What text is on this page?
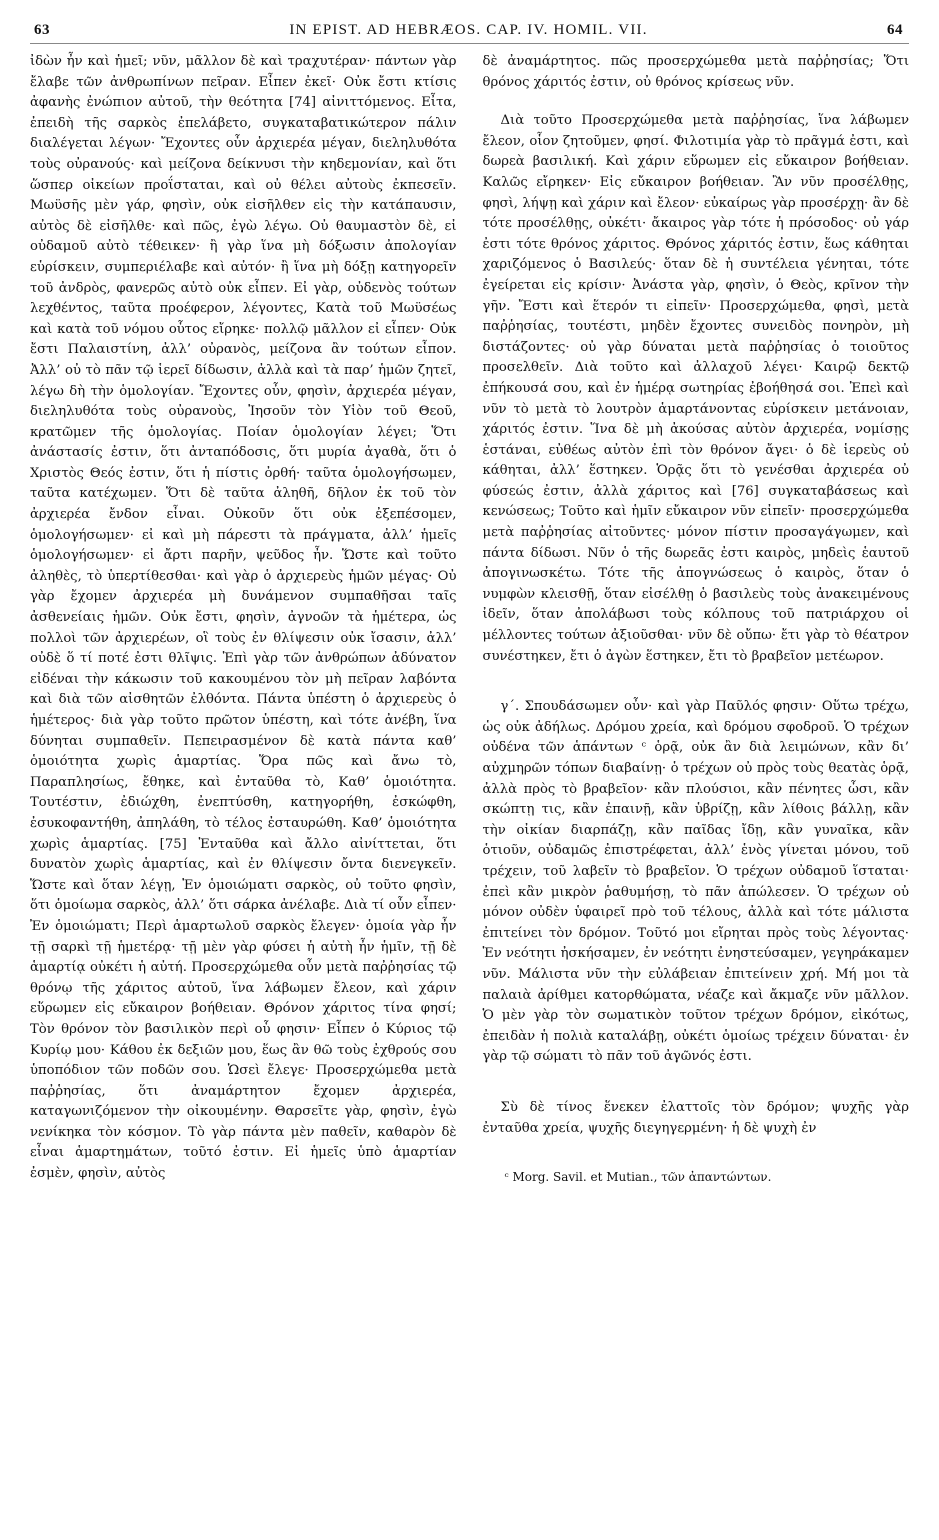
63	IN EPIST. AD HEBRÆOS. CAP. IV. HOMIL. VII.	64

ἰδὼν ἦν καὶ ἡμεῖ; νῦν, μᾶλλον δὲ καὶ τραχυτέραν· πάντων γὰρ ἔλαβε τῶν ἀνθρωπίνων πεῖραν. Εἶπεν ἐκεῖ· Οὐκ ἔστι κτίσις ἀφανὴς ἐνώπιον αὐτοῦ, τὴν θεότητα [74] αἰνιττόμενος. Εἶτα, ἐπειδὴ τῆς σαρκὸς ἐπελάβετο, συγκαταβατικώτερον πάλιν διαλέγεται λέγων· Ἔχοντες οὖν ἀρχιερέα μέγαν, διεληλυθότα τοὺς οὐρανούς· καὶ μείζονα δείκνυσι τὴν κηδεμονίαν, καὶ ὅτι ὥσπερ οἰκείων προΐσταται, καὶ οὐ θέλει αὐτοὺς ἐκπεσεῖν. Μωϋσῆς μὲν γάρ, φησὶν, οὐκ εἰσῆλθεν εἰς τὴν κατάπαυσιν, αὐτὸς δὲ εἰσῆλθε· καὶ πῶς, ἐγὼ λέγω. Οὐ θαυμαστὸν δὲ, εἰ οὐδαμοῦ αὐτὸ τέθεικεν· ἢ γὰρ ἵνα μὴ δόξωσιν ἀπολογίαν εὑρίσκειν, συμπεριέλαβε καὶ αὐτόν· ἢ ἵνα μὴ δόξῃ κατηγορεῖν τοῦ ἀνδρὸς, φανερῶς αὐτὸ οὐκ εἶπεν. Εἰ γὰρ, οὐδενὸς τούτων λεχθέντος, ταῦτα προέφερον, λέγοντες, Κατὰ τοῦ Μωϋσέως καὶ κατὰ τοῦ νόμου οὗτος εἴρηκε· πολλῷ μᾶλλον εἰ εἶπεν· Οὐκ ἔστι Παλαιστίνη, ἀλλ’ οὐρανὸς, μείζονα ἂν τούτων εἶπον. Ἀλλ’ οὐ τὸ πᾶν τῷ ἱερεῖ δίδωσιν, ἀλλὰ καὶ τὰ παρ’ ἡμῶν ζητεῖ, λέγω δὴ τὴν ὁμολογίαν. Ἔχοντες οὖν, φησὶν, ἀρχιερέα μέγαν, διεληλυθότα τοὺς οὐρανοὺς, Ἰησοῦν τὸν Υἱὸν τοῦ Θεοῦ, κρατῶμεν τῆς ὁμολογίας. Ποίαν ὁμολογίαν λέγει; Ὅτι ἀνάστασίς ἐστιν, ὅτι ἀνταπόδοσις, ὅτι μυρία ἀγαθὰ, ὅτι ὁ Χριστὸς Θεός ἐστιν, ὅτι ἡ πίστις ὀρθή· ταῦτα ὁμολογήσωμεν, ταῦτα κατέχωμεν. Ὅτι δὲ ταῦτα ἀληθῆ, δῆλον ἐκ τοῦ τὸν ἀρχιερέα ἔνδον εἶναι. Οὐκοῦν ὅτι οὐκ ἐξεπέσομεν, ὁμολογήσωμεν· εἰ καὶ μὴ πάρεστι τὰ πράγματα, ἀλλ’ ἡμεῖς ὁμολογήσωμεν· εἰ ἄρτι παρῆν, ψεῦδος ἦν. Ὥστε καὶ τοῦτο ἀληθὲς, τὸ ὑπερτίθεσθαι· καὶ γὰρ ὁ ἀρχιερεὺς ἡμῶν μέγας· Οὐ γὰρ ἔχομεν ἀρχιερέα μὴ δυνάμενον συμπαθῆσαι ταῖς ἀσθενείαις ἡμῶν. Οὐκ ἔστι, φησὶν, ἀγνοῶν τὰ ἡμέτερα, ὡς πολλοὶ τῶν ἀρχιερέων, οἳ τοὺς ἐν θλίψεσιν οὐκ ἴσασιν, ἀλλ’ οὐδὲ ὅ τί ποτέ ἐστι θλῖψις. Ἐπὶ γὰρ τῶν ἀνθρώπων ἀδύνατον εἰδέναι τὴν κάκωσιν τοῦ κακουμένου τὸν μὴ πεῖραν λαβόντα καὶ διὰ τῶν αἰσθητῶν ἐλθόντα. Πάντα ὑπέστη ὁ ἀρχιερεὺς ὁ ἡμέτερος· διὰ γὰρ τοῦτο πρῶτον ὑπέστη, καὶ τότε ἀνέβη, ἵνα δύνηται συμπαθεῖν. Πεπειρασμένον δὲ κατὰ πάντα καθ’ ὁμοιότητα χωρὶς ἁμαρτίας. Ὅρα πῶς καὶ ἄνω τὸ, Παραπλησίως, ἔθηκε, καὶ ἐνταῦθα τὸ, Καθ’ ὁμοιότητα. Τουτέστιν, ἐδιώχθη, ἐνεπτύσθη, κατηγορήθη, ἐσκώφθη, ἐσυκοφαντήθη, ἀπηλάθη, τὸ τέλος ἐσταυρώθη. Καθ’ ὁμοιότητα χωρὶς ἁμαρτίας. [75] Ἐνταῦθα καὶ ἄλλο αἰνίττεται, ὅτι δυνατὸν χωρὶς ἁμαρτίας, καὶ ἐν θλίψεσιν ὄντα διενεγκεῖν. Ὥστε καὶ ὅταν λέγῃ, Ἐν ὁμοιώματι σαρκὸς, οὐ τοῦτο φησὶν, ὅτι ὁμοίωμα σαρκὸς, ἀλλ’ ὅτι σάρκα ἀνέλαβε. Διὰ τί οὖν εἶπεν· Ἐν ὁμοιώματι; Περὶ ἁμαρτωλοῦ σαρκὸς ἔλεγεν· ὁμοία γὰρ ἦν τῇ σαρκὶ τῇ ἡμετέρᾳ· τῇ μὲν γὰρ φύσει ἡ αὐτὴ ἦν ἡμῖν, τῇ δὲ ἁμαρτίᾳ οὐκέτι ἡ αὐτή. Προσερχώμεθα οὖν μετὰ παῤῥησίας τῷ θρόνῳ τῆς χάριτος αὐτοῦ, ἵνα λάβωμεν ἔλεον, καὶ χάριν εὕρωμεν εἰς εὔκαιρον βοήθειαν. Θρόνον χάριτος τίνα φησί; Τὸν θρόνον τὸν βασιλικὸν περὶ οὗ φησιν· Εἶπεν ὁ Κύριος τῷ Κυρίῳ μου· Κάθου ἐκ δεξιῶν μου, ἕως ἂν θῶ τοὺς ἐχθρούς σου ὑποπόδιον τῶν ποδῶν σου. Ὡσεὶ ἔλεγε· Προσερχώμεθα μετὰ παῤῥησίας, ὅτι ἀναμάρτητον ἔχομεν ἀρχιερέα, καταγωνιζόμενον τὴν οἰκουμένην. Θαρσεῖτε γὰρ, φησὶν, ἐγὼ νενίκηκα τὸν κόσμον. Τὸ γὰρ πάντα μὲν παθεῖν, καθαρὸν δὲ εἶναι ἁμαρτημάτων, τοῦτό ἐστιν. Εἰ ἡμεῖς ὑπὸ ἁμαρτίαν ἐσμὲν, φησὶν, αὐτὸς

δὲ ἀναμάρτητος. πῶς προσερχώμεθα μετὰ παῤῥησίας; Ὅτι θρόνος χάριτός ἐστιν, οὐ θρόνος κρίσεως νῦν.

Διὰ τοῦτο Προσερχώμεθα μετὰ παῤῥησίας, ἵνα λάβωμεν ἔλεον, οἷον ζητοῦμεν, φησί. Φιλοτιμία γὰρ τὸ πρᾶγμά ἐστι, καὶ δωρεὰ βασιλική. Καὶ χάριν εὕρωμεν εἰς εὔκαιρον βοήθειαν. Καλῶς εἴρηκεν· Εἰς εὔκαιρον βοήθειαν. Ἂν νῦν προσέλθῃς, φησὶ, λήψῃ καὶ χάριν καὶ ἔλεον· εὐκαίρως γὰρ προσέρχῃ· ἂν δὲ τότε προσέλθῃς, οὐκέτι· ἄκαιρος γὰρ τότε ἡ πρόσοδος· οὐ γάρ ἐστι τότε θρόνος χάριτος. Θρόνος χάριτός ἐστιν, ἕως κάθηται χαριζόμενος ὁ Βασιλεύς· ὅταν δὲ ἡ συντέλεια γένηται, τότε ἐγείρεται εἰς κρίσιν· Ἀνάστα γὰρ, φησὶν, ὁ Θεὸς, κρῖνον τὴν γῆν. Ἔστι καὶ ἕτερόν τι εἰπεῖν· Προσερχώμεθα, φησὶ, μετὰ παῤῥησίας, τουτέστι, μηδὲν ἔχοντες συνειδὸς πονηρὸν, μὴ διστάζοντες· οὐ γὰρ δύναται μετὰ παῤῥησίας ὁ τοιοῦτος προσελθεῖν. Διὰ τοῦτο καὶ ἀλλαχοῦ λέγει· Καιρῷ δεκτῷ ἐπήκουσά σου, καὶ ἐν ἡμέρᾳ σωτηρίας ἐβοήθησά σοι. Ἐπεὶ καὶ νῦν τὸ μετὰ τὸ λουτρὸν ἁμαρτάνοντας εὑρίσκειν μετάνοιαν, χάριτός ἐστιν. Ἵνα δὲ μὴ ἀκούσας αὐτὸν ἀρχιερέα, νομίσῃς ἑστάναι, εὐθέως αὐτὸν ἐπὶ τὸν θρόνον ἄγει· ὁ δὲ ἱερεὺς οὐ κάθηται, ἀλλ’ ἕστηκεν. Ὁρᾷς ὅτι τὸ γενέσθαι ἀρχιερέα οὐ φύσεώς ἐστιν, ἀλλὰ χάριτος καὶ [76] συγκαταβάσεως καὶ κενώσεως; Τοῦτο καὶ ἡμῖν εὔκαιρον νῦν εἰπεῖν· προσερχώμεθα μετὰ παῤῥησίας αἰτοῦντες· μόνον πίστιν προσαγάγωμεν, καὶ πάντα δίδωσι. Νῦν ὁ τῆς δωρεᾶς ἐστι καιρὸς, μηδεὶς ἑαυτοῦ ἀπογινωσκέτω. Τότε τῆς ἀπογνώσεως ὁ καιρὸς, ὅταν ὁ νυμφὼν κλεισθῇ, ὅταν εἰσέλθῃ ὁ βασιλεὺς τοὺς ἀνακειμένους ἰδεῖν, ὅταν ἀπολάβωσι τοὺς κόλπους τοῦ πατριάρχου οἱ μέλλοντες τούτων ἀξιοῦσθαι· νῦν δὲ οὔπω· ἔτι γὰρ τὸ θέατρον συνέστηκεν, ἔτι ὁ ἀγὼν ἕστηκεν, ἔτι τὸ βραβεῖον μετέωρον.

γ΄. Σπουδάσωμεν οὖν· καὶ γὰρ Παῦλός φησιν· Οὕτω τρέχω, ὡς οὐκ ἀδήλως. Δρόμου χρεία, καὶ δρόμου σφοδροῦ. Ὁ τρέχων οὐδένα τῶν ἁπάντων ᶜ ὁρᾷ, οὐκ ἂν διὰ λειμώνων, κἂν δι’ αὐχμηρῶν τόπων διαβαίνῃ· ὁ τρέχων οὐ πρὸς τοὺς θεατὰς ὁρᾷ, ἀλλὰ πρὸς τὸ βραβεῖον· κἂν πλούσιοι, κἂν πένητες ὦσι, κἂν σκώπτῃ τις, κἂν ἐπαινῇ, κἂν ὑβρίζῃ, κἂν λίθοις βάλλῃ, κἂν τὴν οἰκίαν διαρπάζῃ, κἂν παῖδας ἴδῃ, κἂν γυναῖκα, κἂν ὁτιοῦν, οὐδαμῶς ἐπιστρέφεται, ἀλλ’ ἑνὸς γίνεται μόνου, τοῦ τρέχειν, τοῦ λαβεῖν τὸ βραβεῖον. Ὁ τρέχων οὐδαμοῦ ἵσταται· ἐπεὶ κἂν μικρὸν ῥαθυμήσῃ, τὸ πᾶν ἀπώλεσεν. Ὁ τρέχων οὐ μόνον οὐδὲν ὑφαιρεῖ πρὸ τοῦ τέλους, ἀλλὰ καὶ τότε μάλιστα ἐπιτείνει τὸν δρόμον. Τοῦτό μοι εἴρηται πρὸς τοὺς λέγοντας· Ἐν νεότητι ἠσκήσαμεν, ἐν νεότητι ἐνηστεύσαμεν, γεγηράκαμεν νῦν. Μάλιστα νῦν τὴν εὐλάβειαν ἐπιτείνειν χρή. Μή μοι τὰ παλαιὰ ἀρίθμει κατορθώματα, νέαζε καὶ ἄκμαζε νῦν μᾶλλον. Ὁ μὲν γὰρ τὸν σωματικὸν τοῦτον τρέχων δρόμον, εἰκότως, ἐπειδὰν ἡ πολιὰ καταλάβῃ, οὐκέτι ὁμοίως τρέχειν δύναται· ἐν γὰρ τῷ σώματι τὸ πᾶν τοῦ ἀγῶνός ἐστι.

Σὺ δὲ τίνος ἕνεκεν ἐλαττοῖς τὸν δρόμον; ψυχῆς γὰρ ἐνταῦθα χρεία, ψυχῆς διεγηγερμένη· ἡ δὲ ψυχὴ ἐν

ᶜ Morg. Savil. et Mutian., τῶν ἀπαντώντων.
